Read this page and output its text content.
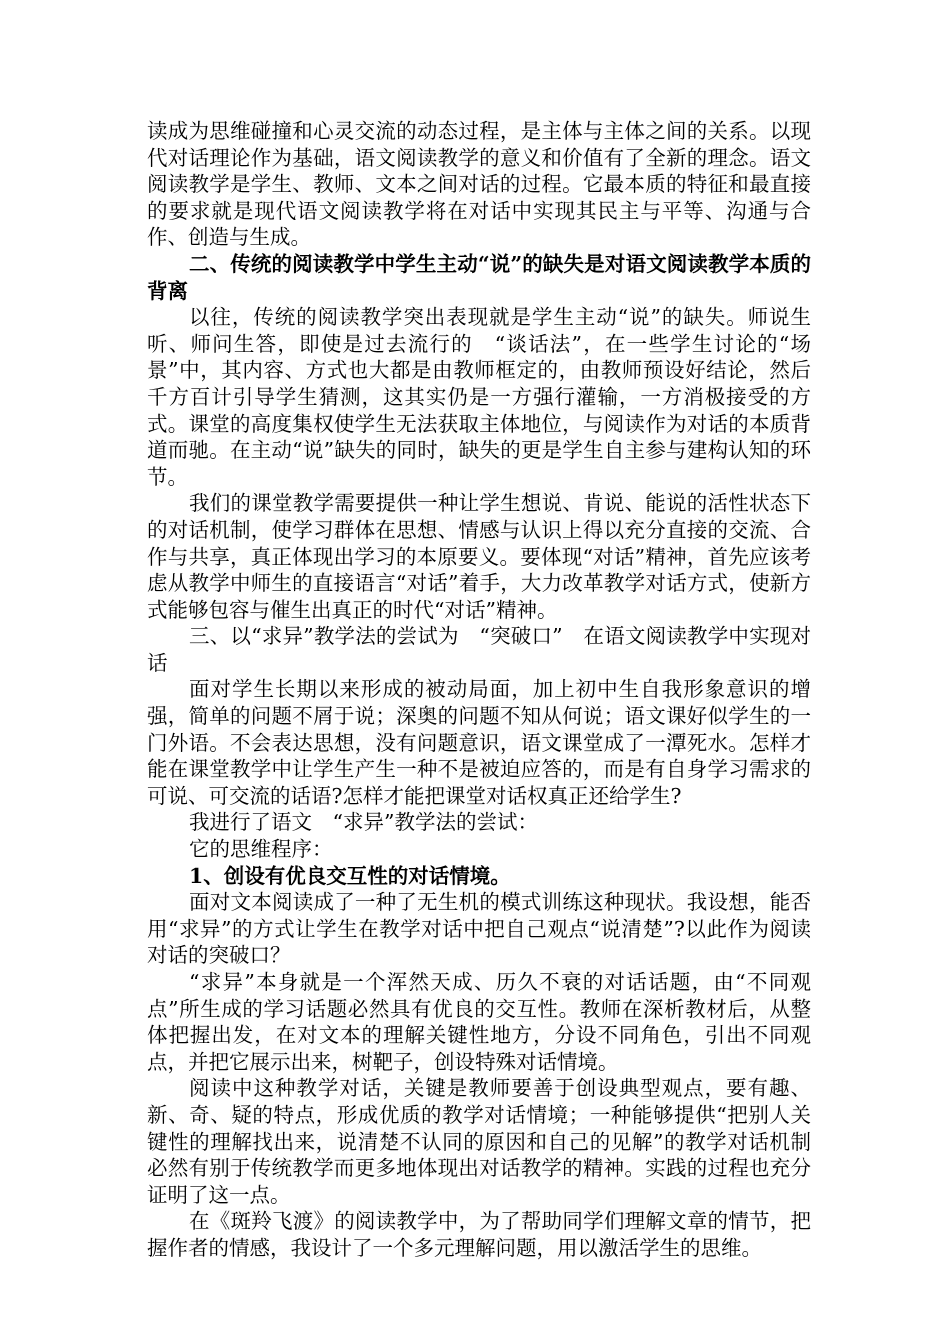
读成为思维碰撞和心灵交流的动态过程，是主体与主体之间的关系。以现代对话理论作为基础，语文阅读教学的意义和价值有了全新的理念。语文阅读教学是学生、教师、文本之间对话的过程。它最本质的特征和最直接的要求就是现代语文阅读教学将在对话中实现其民主与平等、沟通与合作、创造与生成。

二、传统的阅读教学中学生主动“说”的缺失是对语文阅读教学本质的背离

以往，传统的阅读教学突出表现就是学生主动“说”的缺失。师说生听、师问生答，即使是过去流行的　“谈话法”，在一些学生讨论的“场景”中，其内容、方式也大都是由教师框定的，由教师预设好结论，然后千方百计引导学生猜测，这其实仍是一方强行灌输，一方消极接受的方式。课堂的高度集权使学生无法获取主体地位，与阅读作为对话的本质背道而驰。在主动“说”缺失的同时，缺失的更是学生自主参与建构认知的环节。

我们的课堂教学需要提供一种让学生想说、肯说、能说的活性状态下的对话机制，使学习群体在思想、情感与认识上得以充分直接的交流、合作与共享，真正体现出学习的本原要义。要体现“对话”精神，首先应该考虑从教学中师生的直接语言“对话”着手，大力改革教学对话方式，使新方式能够包容与催生出真正的时代“对话”精神。

三、以“求异”教学法的尝试为　“突破口”　在语文阅读教学中实现对话

面对学生长期以来形成的被动局面，加上初中生自我形象意识的增强，简单的问题不屑于说；深奥的问题不知从何说；语文课好似学生的一门外语。不会表达思想，没有问题意识，语文课堂成了一潭死水。怎样才能在课堂教学中让学生产生一种不是被迫应答的，而是有自身学习需求的可说、可交流的话语?怎样才能把课堂对话权真正还给学生?

我进行了语文　“求异”教学法的尝试：

它的思维程序：

1、创设有优良交互性的对话情境。

面对文本阅读成了一种了无生机的模式训练这种现状。我设想，能否用“求异”的方式让学生在教学对话中把自己观点“说清楚”?以此作为阅读对话的突破口？

“求异”本身就是一个浑然天成、历久不衰的对话话题，由“不同观点”所生成的学习话题必然具有优良的交互性。教师在深析教材后，从整体把握出发，在对文本的理解关键性地方，分设不同角色，引出不同观点，并把它展示出来，树靶子，创设特殊对话情境。

阅读中这种教学对话，关键是教师要善于创设典型观点，要有趣、新、奇、疑的特点，形成优质的教学对话情境；一种能够提供“把别人关键性的理解找出来，说清楚不认同的原因和自己的见解”的教学对话机制必然有别于传统教学而更多地体现出对话教学的精神。实践的过程也充分证明了这一点。

在《斑羚飞渡》的阅读教学中，为了帮助同学们理解文章的情节，把握作者的情感，我设计了一个多元理解问题，用以激活学生的思维。
